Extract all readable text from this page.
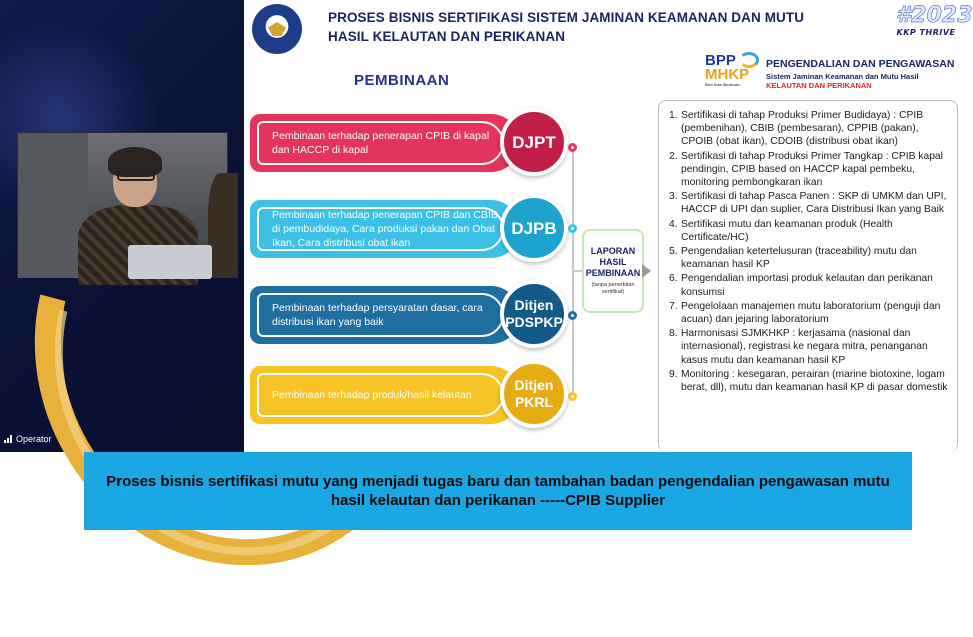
Operator
PROSES BISNIS SERTIFIKASI SISTEM JAMINAN KEAMANAN DAN MUTU HASIL KELAUTAN DAN PERIKANAN
#2023
KKP THRIVE
PEMBINAAN
BPP
MHKP
Biro Ikan Bermutu
PENGENDALIAN DAN PENGAWASAN
Sistem Jaminan Keamanan dan Mutu Hasil
KELAUTAN DAN PERIKANAN
Pembinaan terhadap penerapan CPIB di kapal dan HACCP di kapal	DJPT
Pembinaan terhadap penerapan CPIB dan CBIB di pembudidaya, Cara produksi pakan dan Obat Ikan, Cara distribusi obat ikan
DJPB
Pembinaan terhadap persyaratan dasar, cara distribusi ikan yang baik
Ditjen PDSPKP
Pembinaan terhadap produk/hasil kelautan
Ditjen PKRL
LAPORAN HASIL PEMBINAAN
(tanpa penerbitan sertifikat)
1. Sertifikasi di tahap Produksi Primer Budidaya) : CPIB (pembenihan), CBIB (pembesaran), CPPIB (pakan), CPOIB (obat ikan), CDOIB (distribusi obat ikan)
2. Sertifikasi di tahap Produksi Primer Tangkap : CPIB kapal pendingin, CPIB based on HACCP kapal pembeku, monitoring pembongkaran ikan
3. Sertifikasi di tahap Pasca Panen : SKP di UMKM dan UPI, HACCP di UPI dan suplier, Cara Distribusi Ikan yang Baik
4. Sertifikasi mutu dan keamanan produk (Health Certificate/HC)
5. Pengendalian ketertelusuran (traceability) mutu dan keamanan hasil KP
6. Pengendalian importasi produk kelautan dan perikanan konsumsi
7. Pengelolaan manajemen mutu laboratorium (penguji dan acuan) dan jejaring laboratorium
8. Harmonisasi SJMKHKP : kerjasama (nasional dan internasional), registrasi ke negara mitra, penanganan kasus mutu dan keamanan hasil KP
9. Monitoring : kesegaran, perairan (marine biotoxine, logam berat, dll), mutu dan keamanan hasil KP di pasar domestik
Proses bisnis sertifikasi mutu yang menjadi tugas baru dan tambahan badan pengendalian pengawasan mutu hasil kelautan dan perikanan -----CPIB Supplier
